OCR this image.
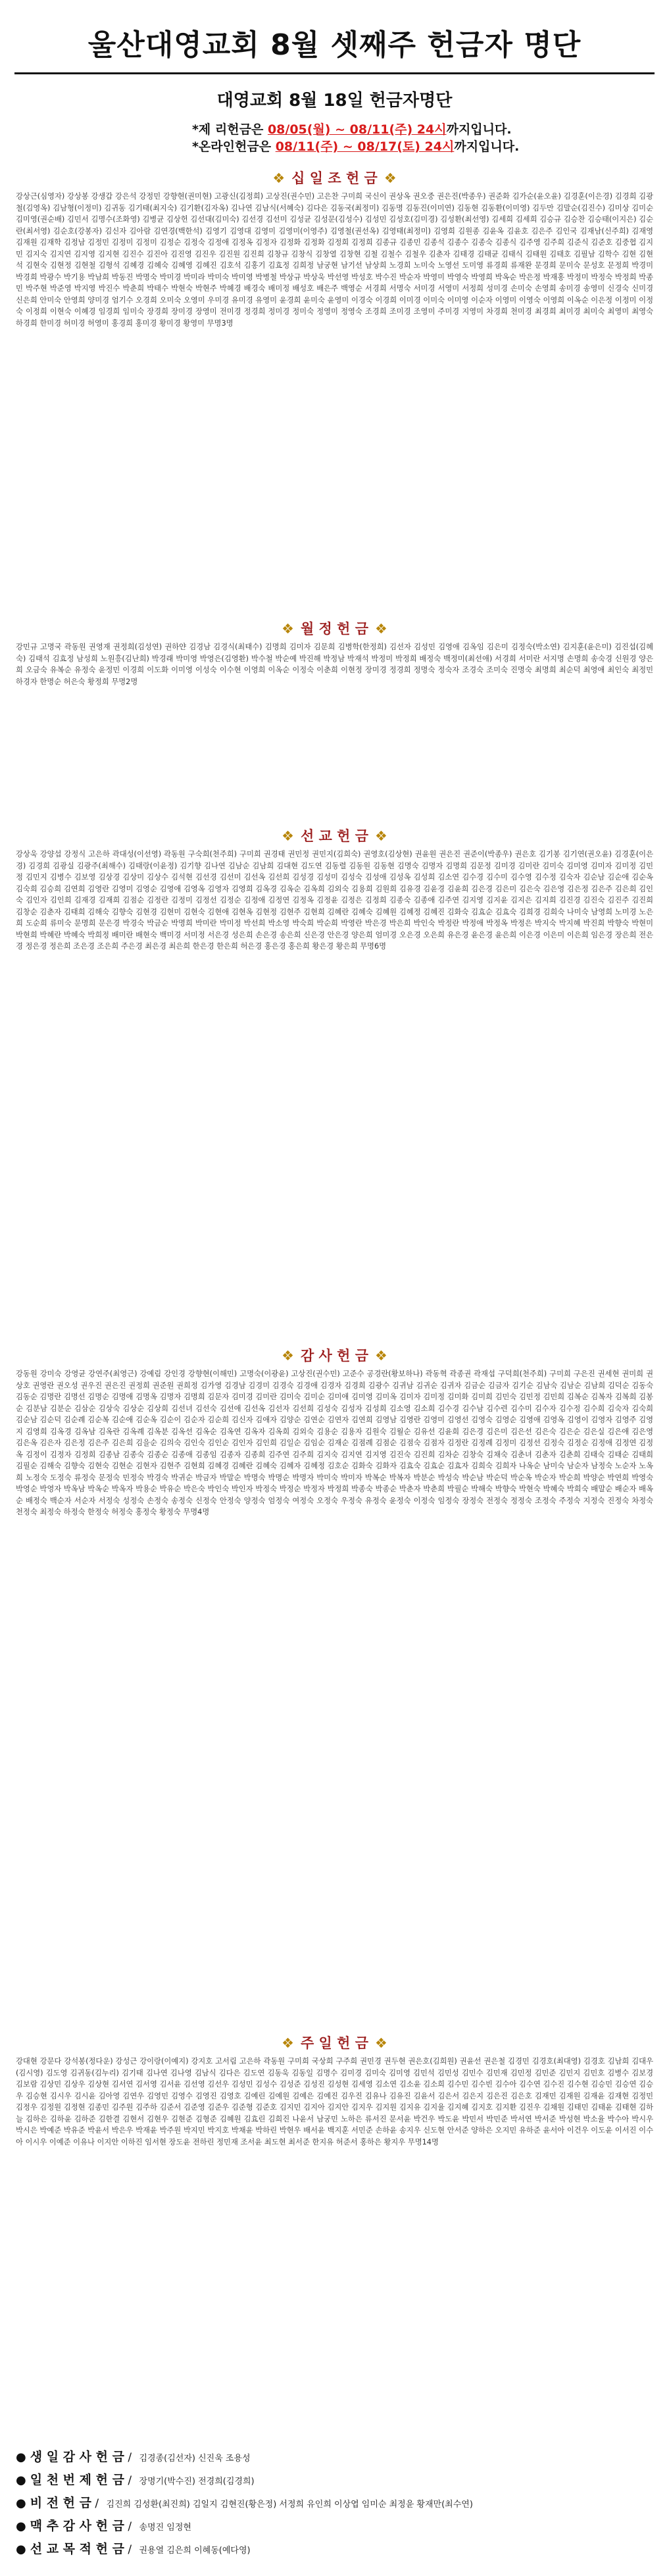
울산대영교회 8월 셋째주 헌금자 명단
대영교회 8월 18일 헌금자명단
*제 리헌금은 08/05(월) ~ 08/11(주) 24시까지입니다.
*온라인헌금은 08/11(주) ~ 08/17(토) 24시까지입니다.
❖ 십 일 조 헌 금 ❖
강상근(심영자) 강상봉 강생갑 강은석 강정민 강향현(권미현) 고광신(김정희) 고상진(권수민) 고은찬 구미희 국신이 권상옥 권오중 권은진(박종우) 권준화 김가순(윤오윤) 김경훈(이은경) 김경희 김광철(김영옥) 김남형(이정미) 김귀동 김기태(최지숙) 김기환(김자옥) 김나연 김남식(서혜숙) 김다은 김동국(최정미) 김동명 김동진(이미연) 김동현 김동환(이미영) 김두만 김말순(김진수) 김미상 김미순 김미영(권순배) 김민서 김명수(조화영) 김병균 김상헌 김선대(김미숙) 김선경 김선미 김성균 김성문(김성수) 김성민 김성호(김미경) 김성환(최선영) 김세희 김세희 김승규 김승찬 김승태(이지은) 김순란(최서영) 김순호(강봉자) 김신자 김아람 김연경(백한석) 김영기 김영대 김영미 김영미(이영주) 김영철(권선옥) 김영태(최정미) 김영희 김원종 김윤옥 김윤호 김은주 김인국 김재남(신주희) 김재영 김재원 김재학 김정남 김정민 김정미 김정미 김정순 김정숙 김정애 김정옥 김정자 김정화 김정화 김정희 김정희 김종규 김종민 김종석 김종수 김종숙 김종식 김주영 김주희 김준식 김준호 김중협 김지민 김지숙 김지연 김지영 김지현 김진수 김진아 김진영 김진우 김진원 김진희 김창규 김창식 김창열 김창현 김철 김철수 김철우 김춘자 김태경 김태균 김태식 김태원 김태호 김필남 김학수 김현 김현석 김현숙 김현정 김현철 김형석 김혜경 김혜숙 김혜영 김혜진 김호석 김홍기 김효정 김희정 남궁현 남기선 남상희 노경희 노미숙 노영선 도미영 류경희 류재완 문경희 문미숙 문성호 문정희 박경미 박경희 박광수 박기용 박남희 박동진 박명숙 박미경 박미라 박미숙 박미영 박병철 박상규 박상욱 박선영 박성호 박수진 박순자 박영미 박영숙 박영희 박옥순 박은정 박재홍 박정미 박정숙 박정희 박종민 박주현 박준영 박지영 박진수 박춘희 박태수 박현숙 박현주 박혜경 배경숙 배미정 배성호 배은주 백영순 서경희 서명숙 서미경 서영미 서정희 성미경 손미숙 손영희 송미경 송영미 신경숙 신미경 신은희 안미숙 안영희 양미경 엄기수 오경희 오미숙 오영미 우미경 유미경 유영미 윤경희 윤미숙 윤영미 이경숙 이경희 이미경 이미숙 이미영 이순자 이영미 이영숙 이영희 이옥순 이은정 이정미 이정숙 이정희 이현숙 이혜경 임경희 임미숙 장경희 장미경 장영미 전미경 정경희 정미경 정미숙 정영미 정영숙 조경희 조미경 조영미 주미경 지영미 차경희 천미경 최경희 최미경 최미숙 최영미 최영숙 하경희 한미경 허미경 허영미 홍경희 홍미경 황미경 황영미 무명3명
❖ 월 정 헌 금 ❖
강민규 고명국 곽동원 권영재 권정희(김성연) 권하얀 김경남 김경식(최태수) 김명희 김미자 김문희 김병학(한정희) 김선자 김성민 김영애 김옥임 김은미 김정숙(박소연) 김지훈(윤은미) 김진섭(김혜숙) 김태석 김효정 남성희 노원흥(김난희) 박경래 박미영 박영은(김영환) 박수철 박순예 박진해 박정남 박재석 박정미 박정희 배정숙 백정미(최선애) 서경희 서미란 서지명 손명희 송숙경 신원경 양은희 오금숙 유복순 유정숙 윤정민 이경희 이도화 이미영 이성숙 이수현 이영희 이옥순 이정숙 이춘희 이현정 장미경 정경희 정명숙 정숙자 조경숙 조미숙 진명숙 최명희 최순덕 최영애 최인숙 최정민 하경자 한명순 허은숙 황정희 무명2명
❖ 선 교 헌 금 ❖
강상욱 강양섭 강정식 고은하 곽대성(이선영) 곽동원 구숙희(천주희) 구미희 권경태 권민정 권민지(김희숙) 권영호(김상현) 권윤원 권은진 권준이(박종우) 권은호 김기봉 김기연(권오윤) 김경훈(이은경) 김경희 김광실 김광주(최해수) 김태랑(이윤정) 김기향 김나연 김남순 김남희 김대현 김도연 김동렬 김동원 김동현 김명숙 김명자 김명희 김문정 김미경 김미란 김미숙 김미영 김미자 김미정 김민정 김민지 김병수 김보영 김상경 김상미 김상수 김석현 김선경 김선미 김선옥 김선희 김성경 김성미 김성숙 김성애 김성옥 김성희 김소연 김수경 김수미 김수영 김수정 김숙자 김순남 김순애 김순옥 김숙희 김승희 김연희 김영란 김영미 김영순 김영애 김영옥 김영자 김영희 김옥경 김옥순 김옥희 김외숙 김용희 김원희 김유경 김윤경 김윤희 김은경 김은미 김은숙 김은영 김은정 김은주 김은희 김인숙 김인자 김인희 김재경 김재희 김점순 김정란 김정미 김정선 김정순 김정애 김정연 김정옥 김정윤 김정은 김정희 김종숙 김종애 김주연 김지영 김지윤 김지은 김지희 김진경 김진숙 김진주 김진희 김창순 김춘자 김태희 김해숙 김향숙 김현경 김현미 김현숙 김현애 김현옥 김현정 김현주 김현희 김혜란 김혜숙 김혜원 김혜정 김혜진 김화숙 김효순 김효숙 김희경 김희숙 나미숙 남영희 노미경 노은희 도순희 류미숙 문명희 문은경 박경숙 박금순 박명희 박미란 박미정 박선희 박소영 박숙희 박순희 박영란 박은경 박은희 박인숙 박정란 박정애 박정옥 박정은 박지숙 박지혜 박진희 박향숙 박현미 박현희 박혜란 박혜숙 박희정 배미란 배현숙 백미경 서미정 서은경 성은희 손은경 송은희 신은경 안은경 양은희 엄미경 오은경 오은희 유은경 윤은경 윤은희 이은경 이은미 이은희 임은경 장은희 전은경 정은경 정은희 조은경 조은희 주은경 최은경 최은희 한은경 한은희 허은경 홍은경 홍은희 황은경 황은희 무명6명
❖ 감 사 헌 금 ❖
강동원 강미숙 강영균 강연주(최영근) 강예림 강인경 강향현(이해민) 고명숙(이광윤) 고상진(권수민) 고준수 공경란(황보하나) 곽동혁 곽종권 곽재섭 구덕희(천주희) 구미희 구은진 권세현 권미희 권상호 권영란 권오성 권우진 권은진 권정희 권준원 권희정 김가영 김경남 김경미 김경숙 김경애 김경자 김경희 김광수 김귀남 김귀순 김귀자 김금순 김금자 김기순 김남숙 김남순 김남희 김덕순 김동숙 김동순 김명란 김명선 김명순 김명애 김명옥 김명자 김명희 김문자 김미경 김미란 김미숙 김미순 김미애 김미영 김미옥 김미자 김미정 김미화 김미희 김민숙 김민정 김민희 김복순 김복자 김복희 김봉순 김분남 김분순 김삼순 김상숙 김상순 김상희 김선녀 김선숙 김선애 김선옥 김선자 김선희 김성숙 김성자 김성희 김소영 김소희 김수경 김수남 김수련 김수미 김수자 김수정 김수희 김숙자 김숙희 김순남 김순덕 김순례 김순복 김순애 김순옥 김순이 김순자 김순희 김신자 김애자 김양순 김연순 김연자 김연희 김영남 김영란 김영미 김영선 김영숙 김영순 김영애 김영옥 김영이 김영자 김영주 김영지 김영희 김옥경 김옥남 김옥란 김옥례 김옥분 김옥선 김옥순 김옥연 김옥자 김옥희 김외숙 김용순 김용자 김원숙 김월순 김유선 김윤희 김은경 김은미 김은선 김은숙 김은순 김은실 김은애 김은영 김은옥 김은자 김은정 김은주 김은희 김을순 김의숙 김인숙 김인순 김인자 김인희 김일순 김임순 김재순 김점례 김점순 김점숙 김점자 김정란 김정례 김정미 김정선 김정숙 김정순 김정애 김정연 김정옥 김정이 김정자 김정희 김종남 김종숙 김종순 김종애 김종임 김종자 김종희 김주연 김주희 김지숙 김지연 김지영 김진숙 김진희 김차순 김창숙 김채숙 김춘녀 김춘자 김춘희 김태숙 김태순 김태희 김필순 김해숙 김향숙 김현숙 김현순 김현자 김현주 김현희 김혜경 김혜란 김혜숙 김혜자 김혜정 김호순 김화숙 김화자 김효숙 김효순 김효자 김희숙 김희자 나옥순 남미숙 남순자 남정숙 노순자 노옥희 노정숙 도정숙 류정숙 문정숙 민정숙 박경숙 박귀순 박금자 박말순 박명숙 박명순 박명자 박미숙 박미자 박복순 박복자 박분순 박성숙 박순남 박순덕 박순옥 박순자 박순희 박양순 박연희 박영숙 박영순 박영자 박옥남 박옥순 박옥자 박용순 박유순 박은숙 박인숙 박인자 박정숙 박정순 박정자 박정희 박종숙 박종순 박춘자 박춘희 박필순 박해숙 박향숙 박현숙 박혜숙 박희숙 배말순 배순자 배옥순 배정숙 백순자 서순자 서정숙 성정숙 손정숙 송정숙 신정숙 안정숙 양정숙 엄정숙 여정숙 오정숙 우정숙 유정숙 윤정숙 이정숙 임정숙 장정숙 전정숙 정정숙 조정숙 주정숙 지정숙 진정숙 차정숙 천정숙 최정숙 하정숙 한정숙 허정숙 홍정숙 황정숙 무명4명
❖ 주 일 헌 금 ❖
강대현 강문다 강석봉(정다운) 강성근 강이랑(이예지) 강지호 고서림 고은하 곽동원 구미희 국상희 구주희 권민경 권두현 권은호(김희원) 권윤선 권은철 김경민 김경호(최대영) 김경호 김남희 김대우(김시영) 김도영 김귀동(김누리) 김기태 김나연 김나영 김남식 김다은 김도연 김동욱 김동일 김명수 김미경 김미숙 김미영 김민석 김민성 김민수 김민재 김민정 김민준 김민지 김민호 김병수 김보경 김보람 김상민 김상우 김상현 김서연 김서영 김서윤 김선영 김선우 김성민 김성수 김성준 김성진 김성현 김세영 김소연 김소윤 김소희 김수민 김수빈 김수아 김수연 김수진 김수현 김승민 김승연 김승우 김승현 김시우 김시윤 김아영 김연우 김영민 김영수 김영진 김영호 김예린 김예원 김예은 김예진 김우진 김유나 김유진 김윤서 김은서 김은지 김은진 김은호 김재민 김재원 김재윤 김재현 김정민 김정우 김정원 김정현 김종민 김주원 김주하 김준서 김준영 김준우 김준형 김준호 김지민 김지아 김지안 김지우 김지원 김지유 김지율 김지혜 김지호 김지환 김진우 김채원 김태민 김태윤 김태현 김하늘 김하은 김하윤 김하준 김한결 김현서 김현우 김현준 김형준 김혜원 김효린 김희진 나윤서 남궁민 노하은 류서진 문서윤 박건우 박도윤 박민서 박민준 박서연 박서준 박성현 박소율 박수아 박시우 박시은 박예준 박유준 박윤서 박은우 박재윤 박주원 박지민 박지호 박채윤 박하린 박현우 배서윤 백지훈 서민준 손하윤 송지우 신도현 안서준 양하은 오지민 유하준 윤서아 이건우 이도윤 이서진 이수아 이시우 이예준 이유나 이지안 이하진 임서현 장도윤 전하린 정민재 조서윤 최도현 최서준 한지유 허준서 홍하은 황지우 무명14명
● 생 일 감 사 헌 금 / 김경종(김선자) 신진욱 조용성
● 일 천 번 제 헌 금 / 장명기(박수진) 전경희(김경희)
● 비 전 헌 금 / 김진희 김성환(최진희) 김일지 김현진(황은정) 서정희 유인희 이상엽 임미순 최정윤 황재만(최수연)
● 맥 추 감 사 헌 금 / 송명진 임정현
● 선 교 목 적 헌 금 / 권용열 김은희 이혜동(예다영)
